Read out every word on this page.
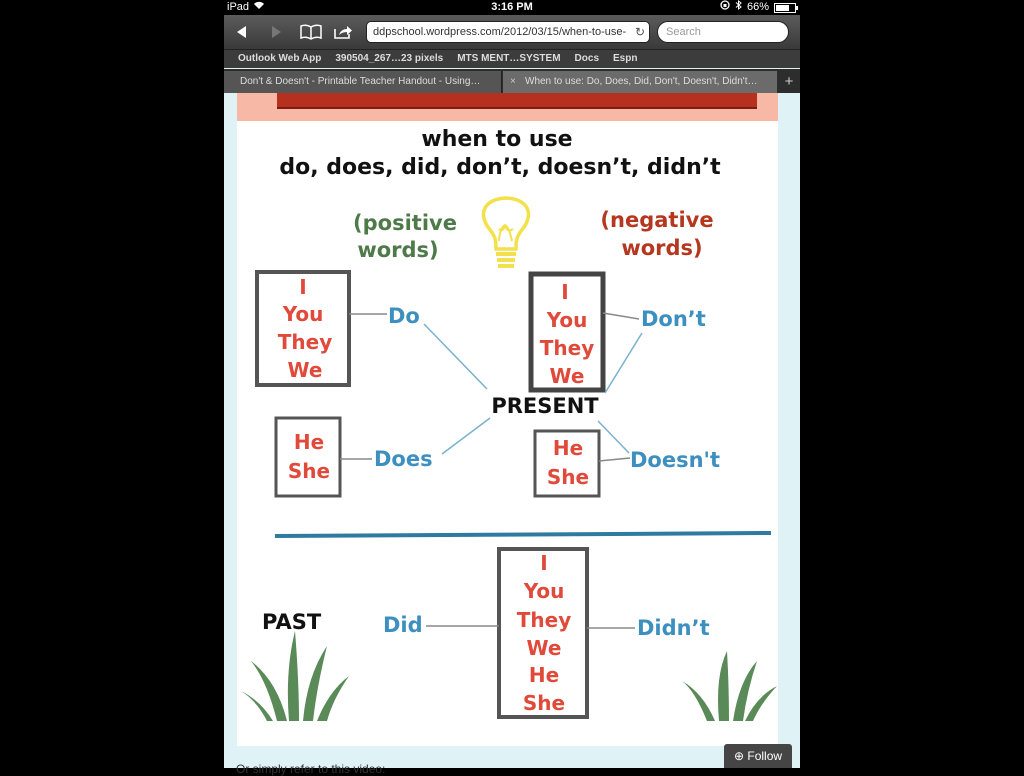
iPad	3:16 PM	66%
ddpschool.wordpress.com/2012/03/15/when-to-use- ↻	Search
Outlook Web App 390504_267…23 pixels MTS MENT…SYSTEM Docs Espn
Don't & Doesn't - Printable Teacher Handout - Using…	× When to use: Do, Does, Did, Don't, Doesn't, Didn't…	+
when to use
do, does, did, don’t, doesn’t, didn’t
(positive
words)
(negative
words)
I
You
They
We
I
You
They
We
He
She
He
She
Do	Don’t
Does	Doesn't
Did	Didn’t
PRESENT
PAST
I
You
They
We
He
She
Or simply refer to this video:
⊕ Follow
